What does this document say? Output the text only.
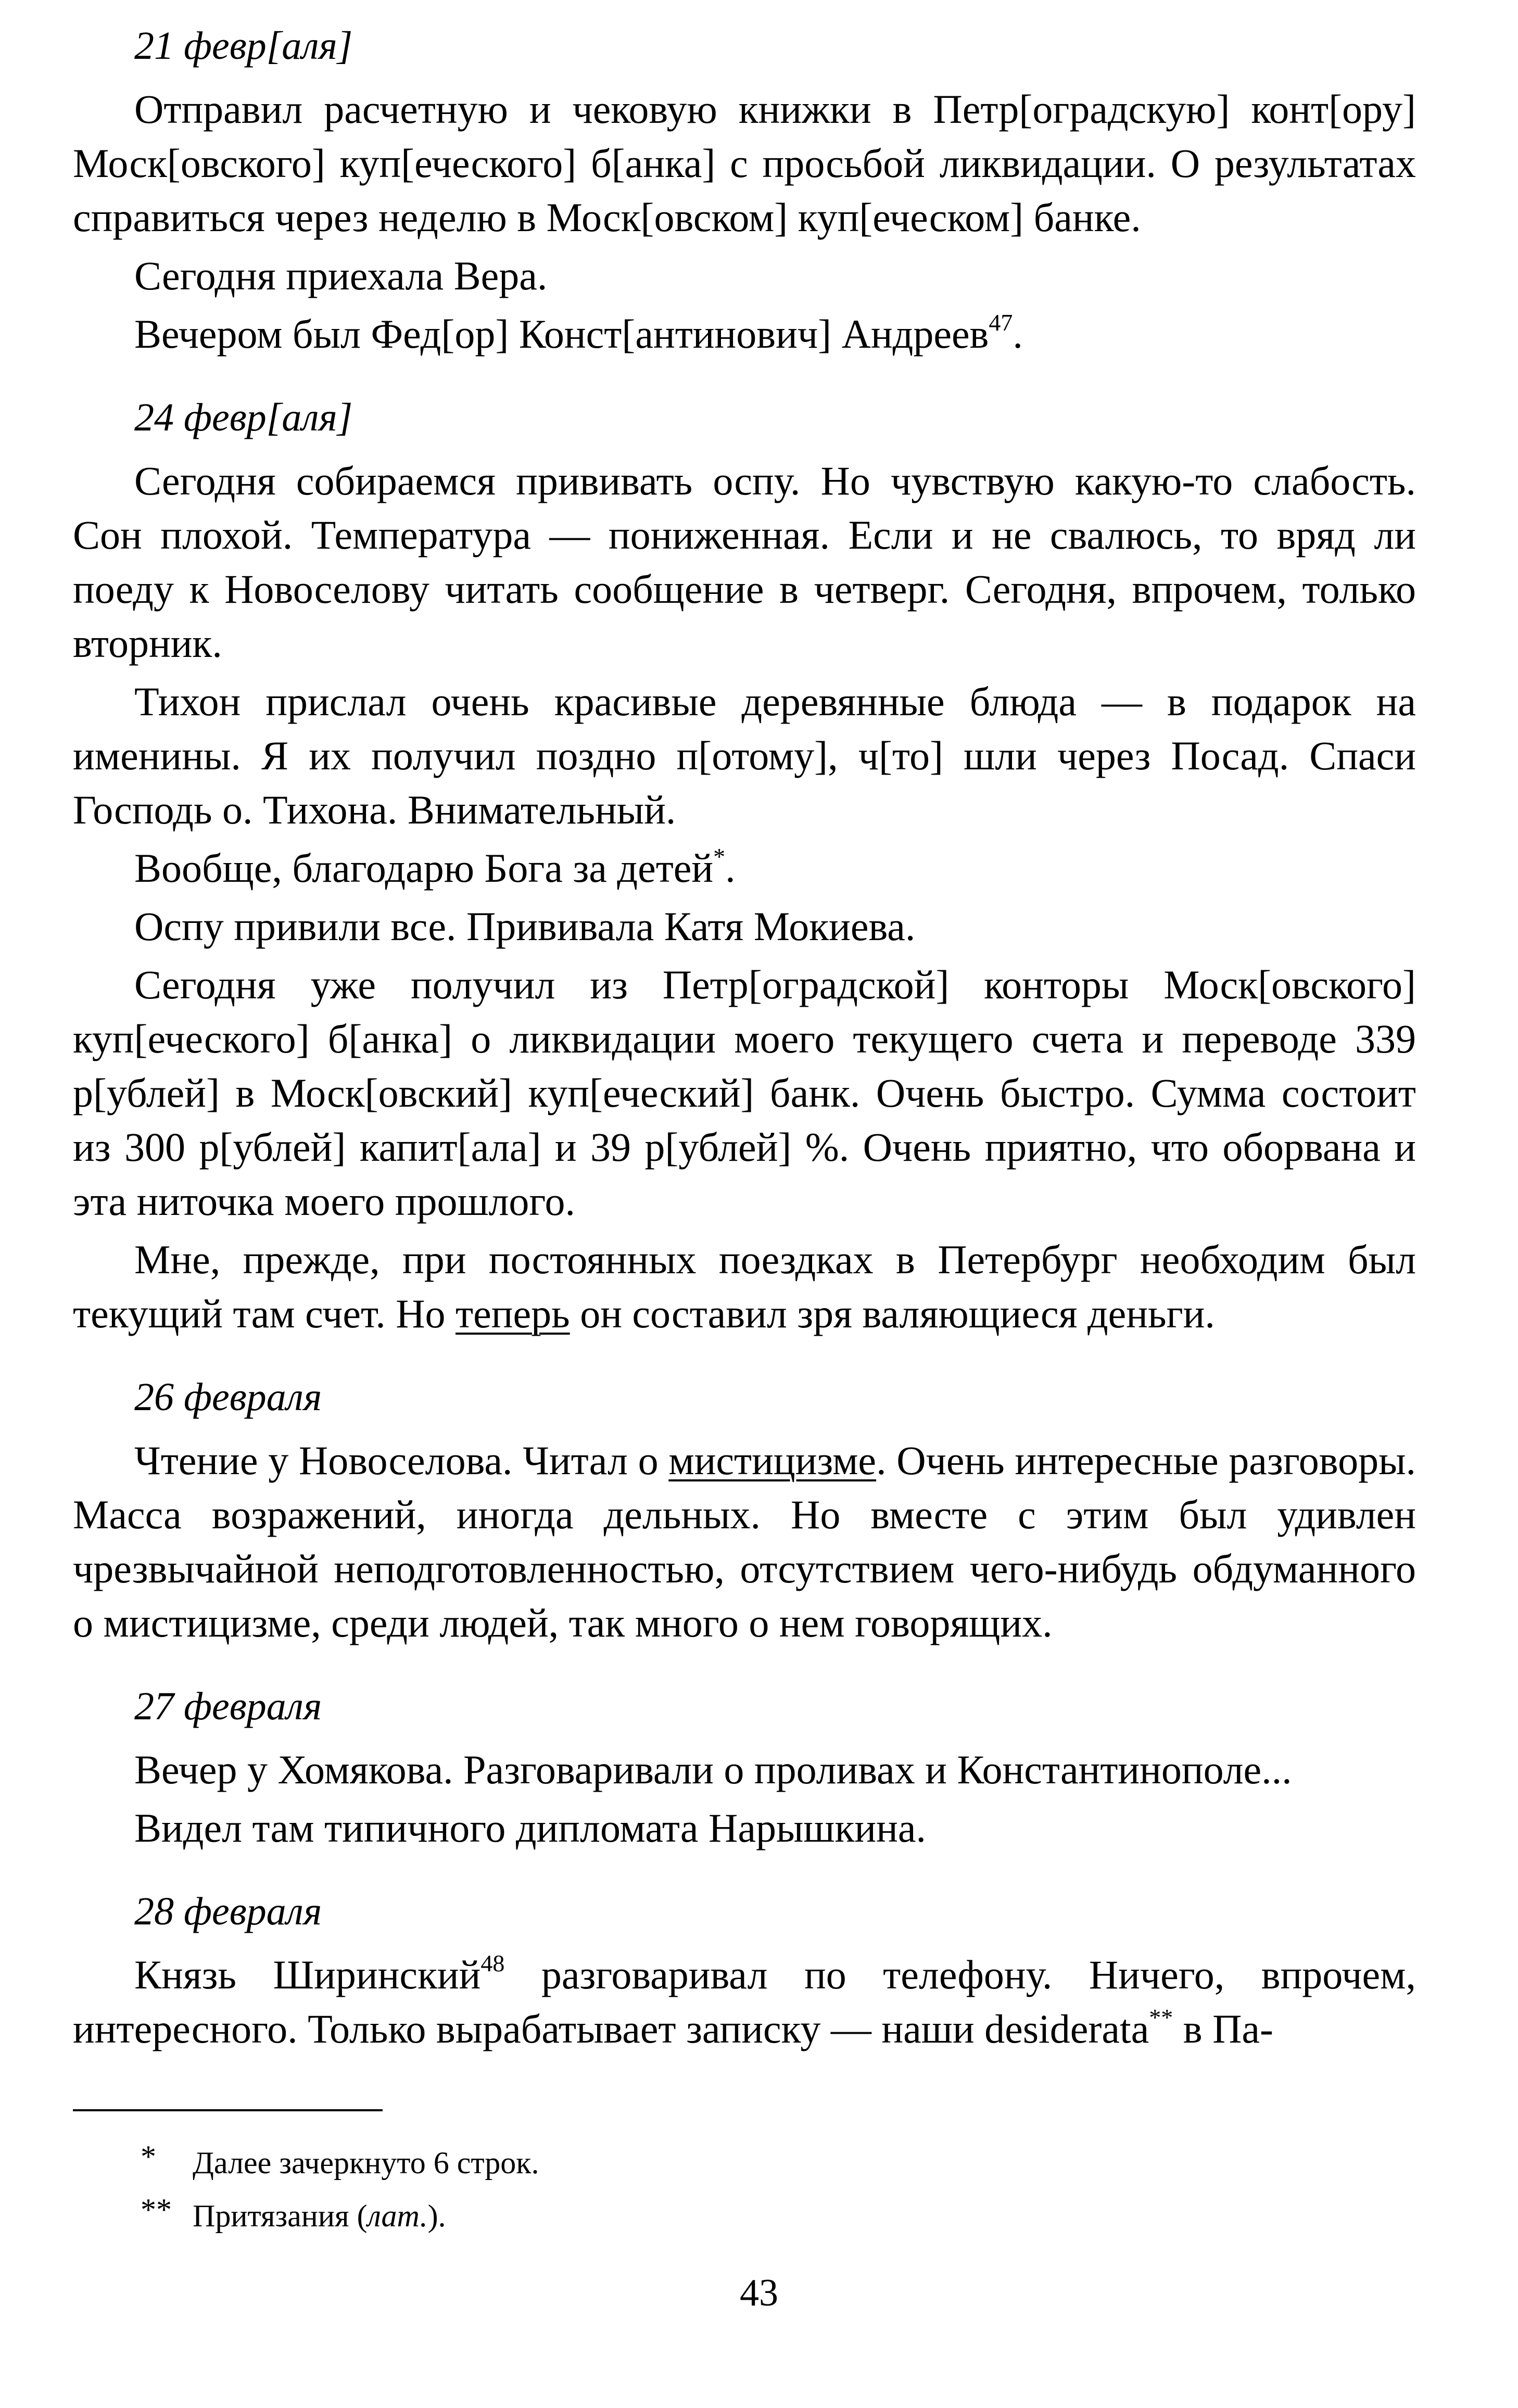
21 февр[аля]

Отправил расчетную и чековую книжки в Петр[оградскую] конт[ору] Моск[овского] куп[еческого] б[анка] с просьбой ликвидации. О результатах справиться через неделю в Моск[овском] куп[еческом] банке.

Сегодня приехала Вера.

Вечером был Фед[ор] Конст[антинович] Андреев$^{47}$.

24 февр[аля]

Сегодня собираемся прививать оспу. Но чувствую какую-то слабость. Сон плохой. Температура — пониженная. Если и не свалюсь, то вряд ли поеду к Новоселову читать сообщение в четверг. Сегодня, впрочем, только вторник.

Тихон прислал очень красивые деревянные блюда — в подарок на именины. Я их получил поздно п[отому], ч[то] шли через Посад. Спаси Господь о. Тихона. Внимательный.

Вообще, благодарю Бога за детей*.

Оспу привили все. Прививала Катя Мокиева.

Сегодня уже получил из Петр[оградской] конторы Моск[овского] куп[еческого] б[анка] о ликвидации моего текущего счета и переводе 339 р[ублей] в Моск[овский] куп[еческий] банк. Очень быстро. Сумма состоит из 300 р[ублей] капит[ала] и 39 р[ублей] %. Очень приятно, что оборвана и эта ниточка моего прошлого.

Мне, прежде, при постоянных поездках в Петербург необходим был текущий там счет. Но теперь он составил зря валяющиеся деньги.

26 февраля

Чтение у Новоселова. Читал о мистицизме. Очень интересные разговоры. Масса возражений, иногда дельных. Но вместе с этим был удивлен чрезвычайной неподготовленностью, отсутствием чего-нибудь обдуманного о мистицизме, среди людей, так много о нем говорящих.

27 февраля

Вечер у Хомякова. Разговаривали о проливах и Константинополе...

Видел там типичного дипломата Нарышкина.

28 февраля

Князь Ширинский$^{48}$ разговаривал по телефону. Ничего, впрочем, интересного. Только вырабатывает записку — наши desiderata** в Па-

* Далее зачеркнуто 6 строк.
** Притязания (лат.).
43
